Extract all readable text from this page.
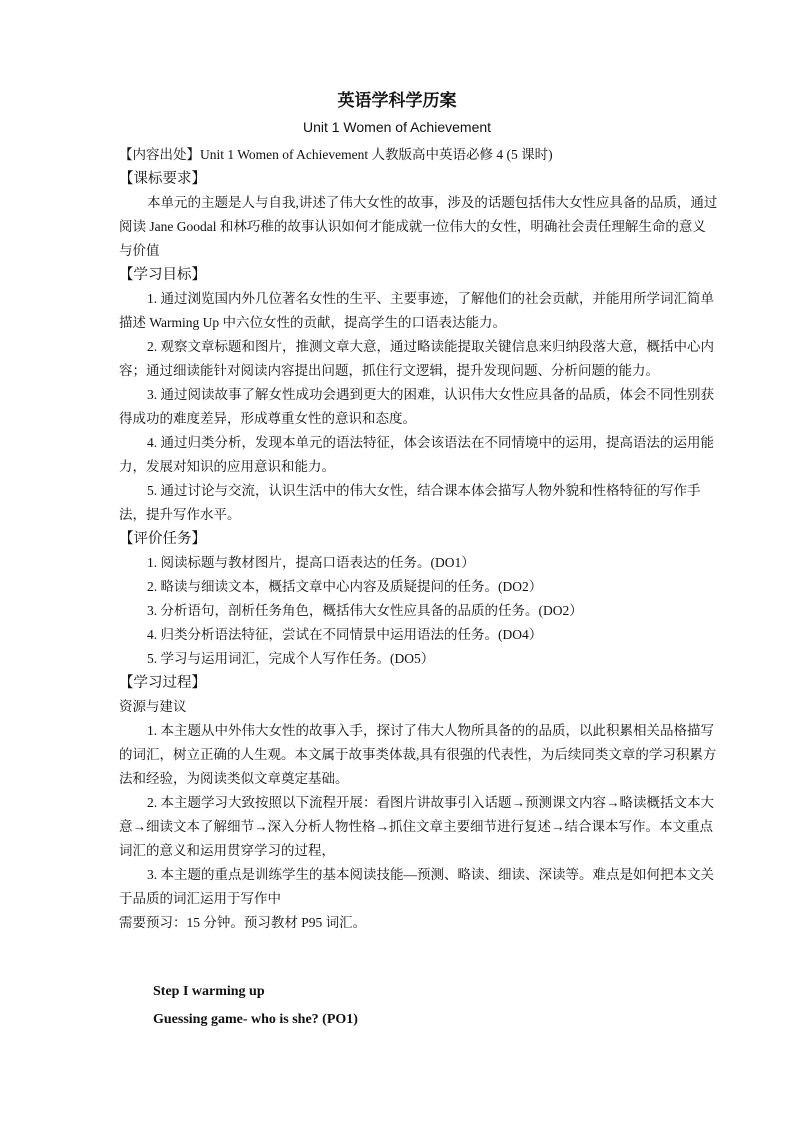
英语学科学历案
Unit 1 Women of Achievement
【内容出处】Unit 1 Women of Achievement 人教版高中英语必修 4 (5 课时)
【课标要求】

本单元的主题是人与自我,讲述了伟大女性的故事，涉及的话题包括伟大女性应具备的品质，通过阅读 Jane Goodal 和林巧稚的故事认识如何才能成就一位伟大的女性，明确社会责任理解生命的意义与价值

【学习目标】

1. 通过浏览国内外几位著名女性的生平、主要事迹，了解他们的社会贡献，并能用所学词汇简单描述 Warming Up 中六位女性的贡献，提高学生的口语表达能力。

2. 观察文章标题和图片，推测文章大意，通过略读能提取关键信息来归纳段落大意，概括中心内容；通过细读能针对阅读内容提出问题，抓住行文逻辑，提升发现问题、分析问题的能力。

3. 通过阅读故事了解女性成功会遇到更大的困难，认识伟大女性应具备的品质，体会不同性别获得成功的难度差异，形成尊重女性的意识和态度。

4. 通过归类分析，发现本单元的语法特征，体会该语法在不同情境中的运用，提高语法的运用能力，发展对知识的应用意识和能力。

5. 通过讨论与交流，认识生活中的伟大女性，结合课本体会描写人物外貌和性格特征的写作手法，提升写作水平。

【评价任务】
1. 阅读标题与教材图片，提高口语表达的任务。(DO1）
2. 略读与细读文本，概括文章中心内容及质疑提问的任务。(DO2）
3. 分析语句，剖析任务角色，概括伟大女性应具备的品质的任务。(DO2）
4. 归类分析语法特征，尝试在不同情景中运用语法的任务。(DO4）
5. 学习与运用词汇，完成个人写作任务。(DO5）
【学习过程】
资源与建议

1. 本主题从中外伟大女性的故事入手，探讨了伟大人物所具备的的品质，以此积累相关品格描写的词汇，树立正确的人生观。本文属于故事类体裁,具有很强的代表性，为后续同类文章的学习积累方法和经验，为阅读类似文章奠定基础。

2. 本主题学习大致按照以下流程开展：看图片讲故事引入话题→预测课文内容→略读概括文本大意→细读文本了解细节→深入分析人物性格→抓住文章主要细节进行复述→结合课本写作。本文重点词汇的意义和运用贯穿学习的过程，

3. 本主题的重点是训练学生的基本阅读技能—预测、略读、细读、深读等。难点是如何把本文关于品质的词汇运用于写作中

需要预习：15 分钟。预习教材 P95 词汇。
Step I warming up
Guessing game- who is she? (PO1)
